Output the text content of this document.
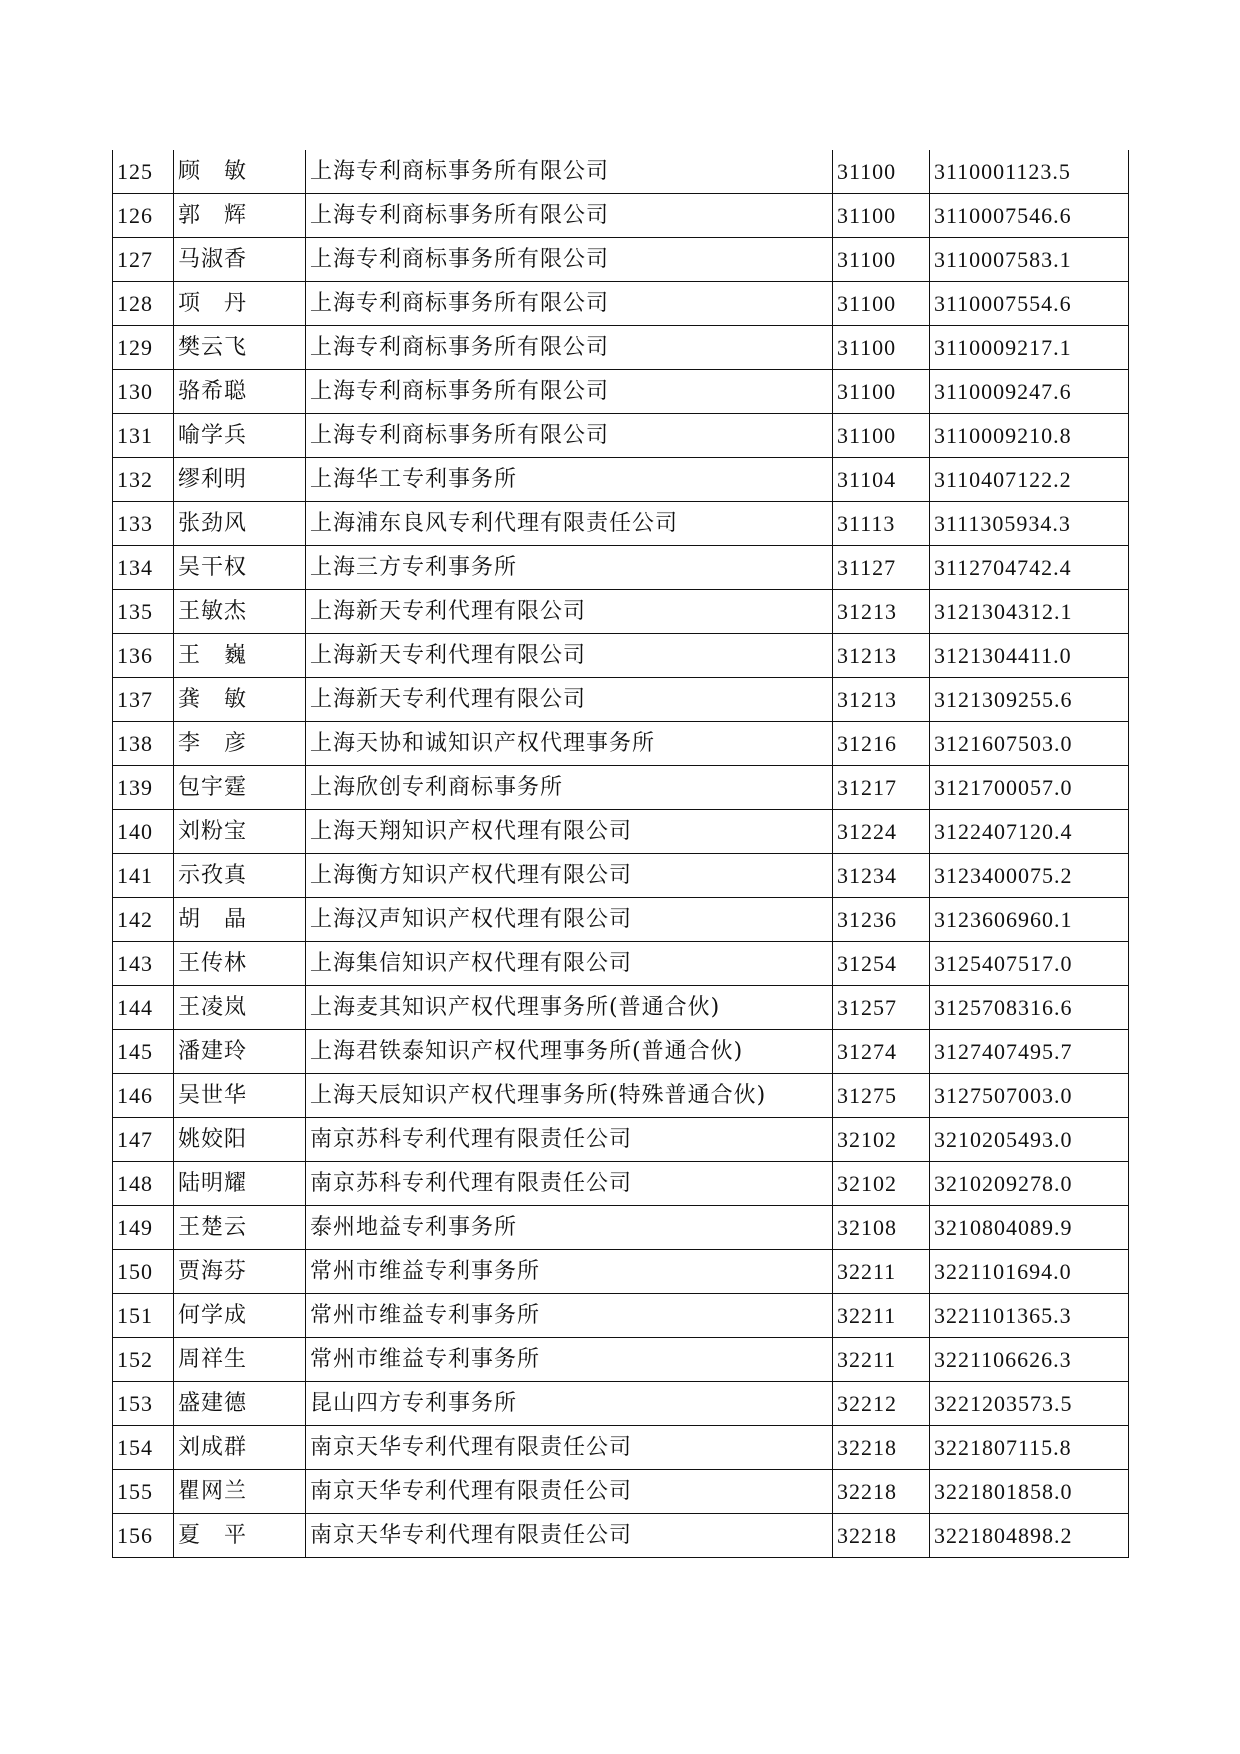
125	顾　敏	上海专利商标事务所有限公司	31100	3110001123.5
126	郭　辉	上海专利商标事务所有限公司	31100	3110007546.6
127	马淑香	上海专利商标事务所有限公司	31100	3110007583.1
128	项　丹	上海专利商标事务所有限公司	31100	3110007554.6
129	樊云飞	上海专利商标事务所有限公司	31100	3110009217.1
130	骆希聪	上海专利商标事务所有限公司	31100	3110009247.6
131	喻学兵	上海专利商标事务所有限公司	31100	3110009210.8
132	缪利明	上海华工专利事务所	31104	3110407122.2
133	张劲风	上海浦东良风专利代理有限责任公司	31113	3111305934.3
134	吴干权	上海三方专利事务所	31127	3112704742.4
135	王敏杰	上海新天专利代理有限公司	31213	3121304312.1
136	王　巍	上海新天专利代理有限公司	31213	3121304411.0
137	龚　敏	上海新天专利代理有限公司	31213	3121309255.6
138	李　彦	上海天协和诚知识产权代理事务所	31216	3121607503.0
139	包宇霆	上海欣创专利商标事务所	31217	3121700057.0
140	刘粉宝	上海天翔知识产权代理有限公司	31224	3122407120.4
141	示孜真	上海衡方知识产权代理有限公司	31234	3123400075.2
142	胡　晶	上海汉声知识产权代理有限公司	31236	3123606960.1
143	王传林	上海集信知识产权代理有限公司	31254	3125407517.0
144	王凌岚	上海麦其知识产权代理事务所(普通合伙)	31257	3125708316.6
145	潘建玲	上海君铁泰知识产权代理事务所(普通合伙)	31274	3127407495.7
146	吴世华	上海天辰知识产权代理事务所(特殊普通合伙)	31275	3127507003.0
147	姚姣阳	南京苏科专利代理有限责任公司	32102	3210205493.0
148	陆明耀	南京苏科专利代理有限责任公司	32102	3210209278.0
149	王楚云	泰州地益专利事务所	32108	3210804089.9
150	贾海芬	常州市维益专利事务所	32211	3221101694.0
151	何学成	常州市维益专利事务所	32211	3221101365.3
152	周祥生	常州市维益专利事务所	32211	3221106626.3
153	盛建德	昆山四方专利事务所	32212	3221203573.5
154	刘成群	南京天华专利代理有限责任公司	32218	3221807115.8
155	瞿网兰	南京天华专利代理有限责任公司	32218	3221801858.0
156	夏　平	南京天华专利代理有限责任公司	32218	3221804898.2
